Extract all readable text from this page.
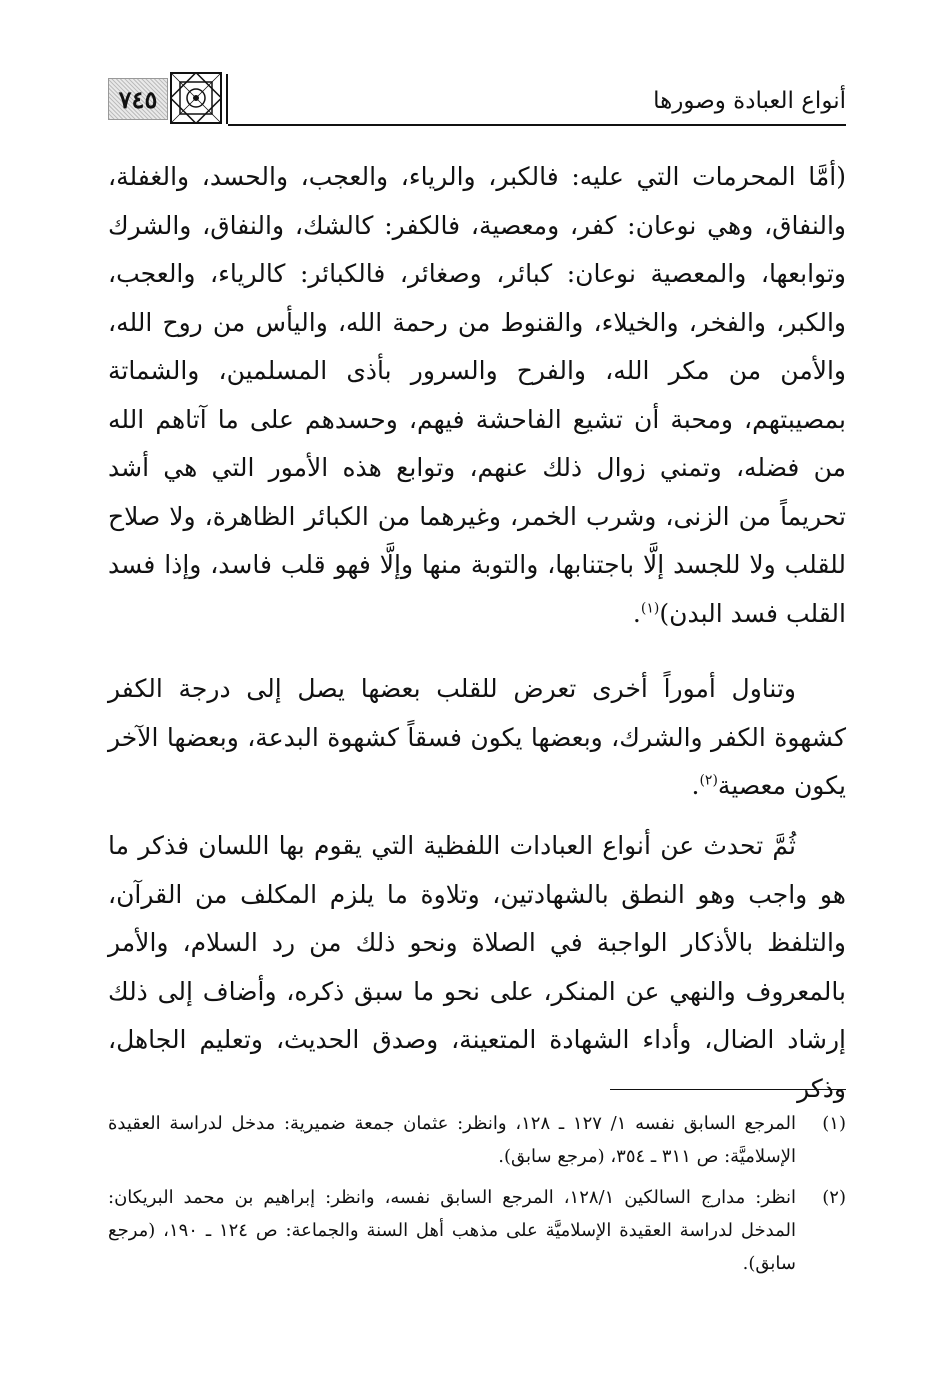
٧٤٥	أنواع العبادة وصورها
(أمَّا المحرمات التي عليه: فالكبر، والرياء، والعجب، والحسد، والغفلة، والنفاق، وهي نوعان: كفر، ومعصية، فالكفر: كالشك، والنفاق، والشرك وتوابعها، والمعصية نوعان: كبائر، وصغائر، فالكبائر: كالرياء، والعجب، والكبر، والفخر، والخيلاء، والقنوط من رحمة الله، واليأس من روح الله، والأمن من مكر الله، والفرح والسرور بأذى المسلمين، والشماتة بمصيبتهم، ومحبة أن تشيع الفاحشة فيهم، وحسدهم على ما آتاهم الله من فضله، وتمني زوال ذلك عنهم، وتوابع هذه الأمور التي هي أشد تحريماً من الزنى، وشرب الخمر، وغيرهما من الكبائر الظاهرة، ولا صلاح للقلب ولا للجسد إلَّا باجتنابها، والتوبة منها وإلَّا فهو قلب فاسد، وإذا فسد القلب فسد البدن)$^{(١)}$.
وتناول أموراً أخرى تعرض للقلب بعضها يصل إلى درجة الكفر كشهوة الكفر والشرك، وبعضها يكون فسقاً كشهوة البدعة، وبعضها الآخر يكون معصية$^{(٢)}$.
ثُمَّ تحدث عن أنواع العبادات اللفظية التي يقوم بها اللسان فذكر ما هو واجب وهو النطق بالشهادتين، وتلاوة ما يلزم المكلف من القرآن، والتلفظ بالأذكار الواجبة في الصلاة ونحو ذلك من رد السلام، والأمر بالمعروف والنهي عن المنكر، على نحو ما سبق ذكره، وأضاف إلى ذلك إرشاد الضال، وأداء الشهادة المتعينة، وصدق الحديث، وتعليم الجاهل، وذكر
(١)
المرجع السابق نفسه ١/ ١٢٧ ـ ١٢٨، وانظر: عثمان جمعة ضميرية: مدخل لدراسة العقيدة الإسلاميَّة: ص ٣١١ ـ ٣٥٤، (مرجع سابق).
(٢)
انظر: مدارج السالكين ١٢٨/١، المرجع السابق نفسه، وانظر: إبراهيم بن محمد البريكان: المدخل لدراسة العقيدة الإسلاميَّة على مذهب أهل السنة والجماعة: ص ١٢٤ ـ ١٩٠، (مرجع سابق).
